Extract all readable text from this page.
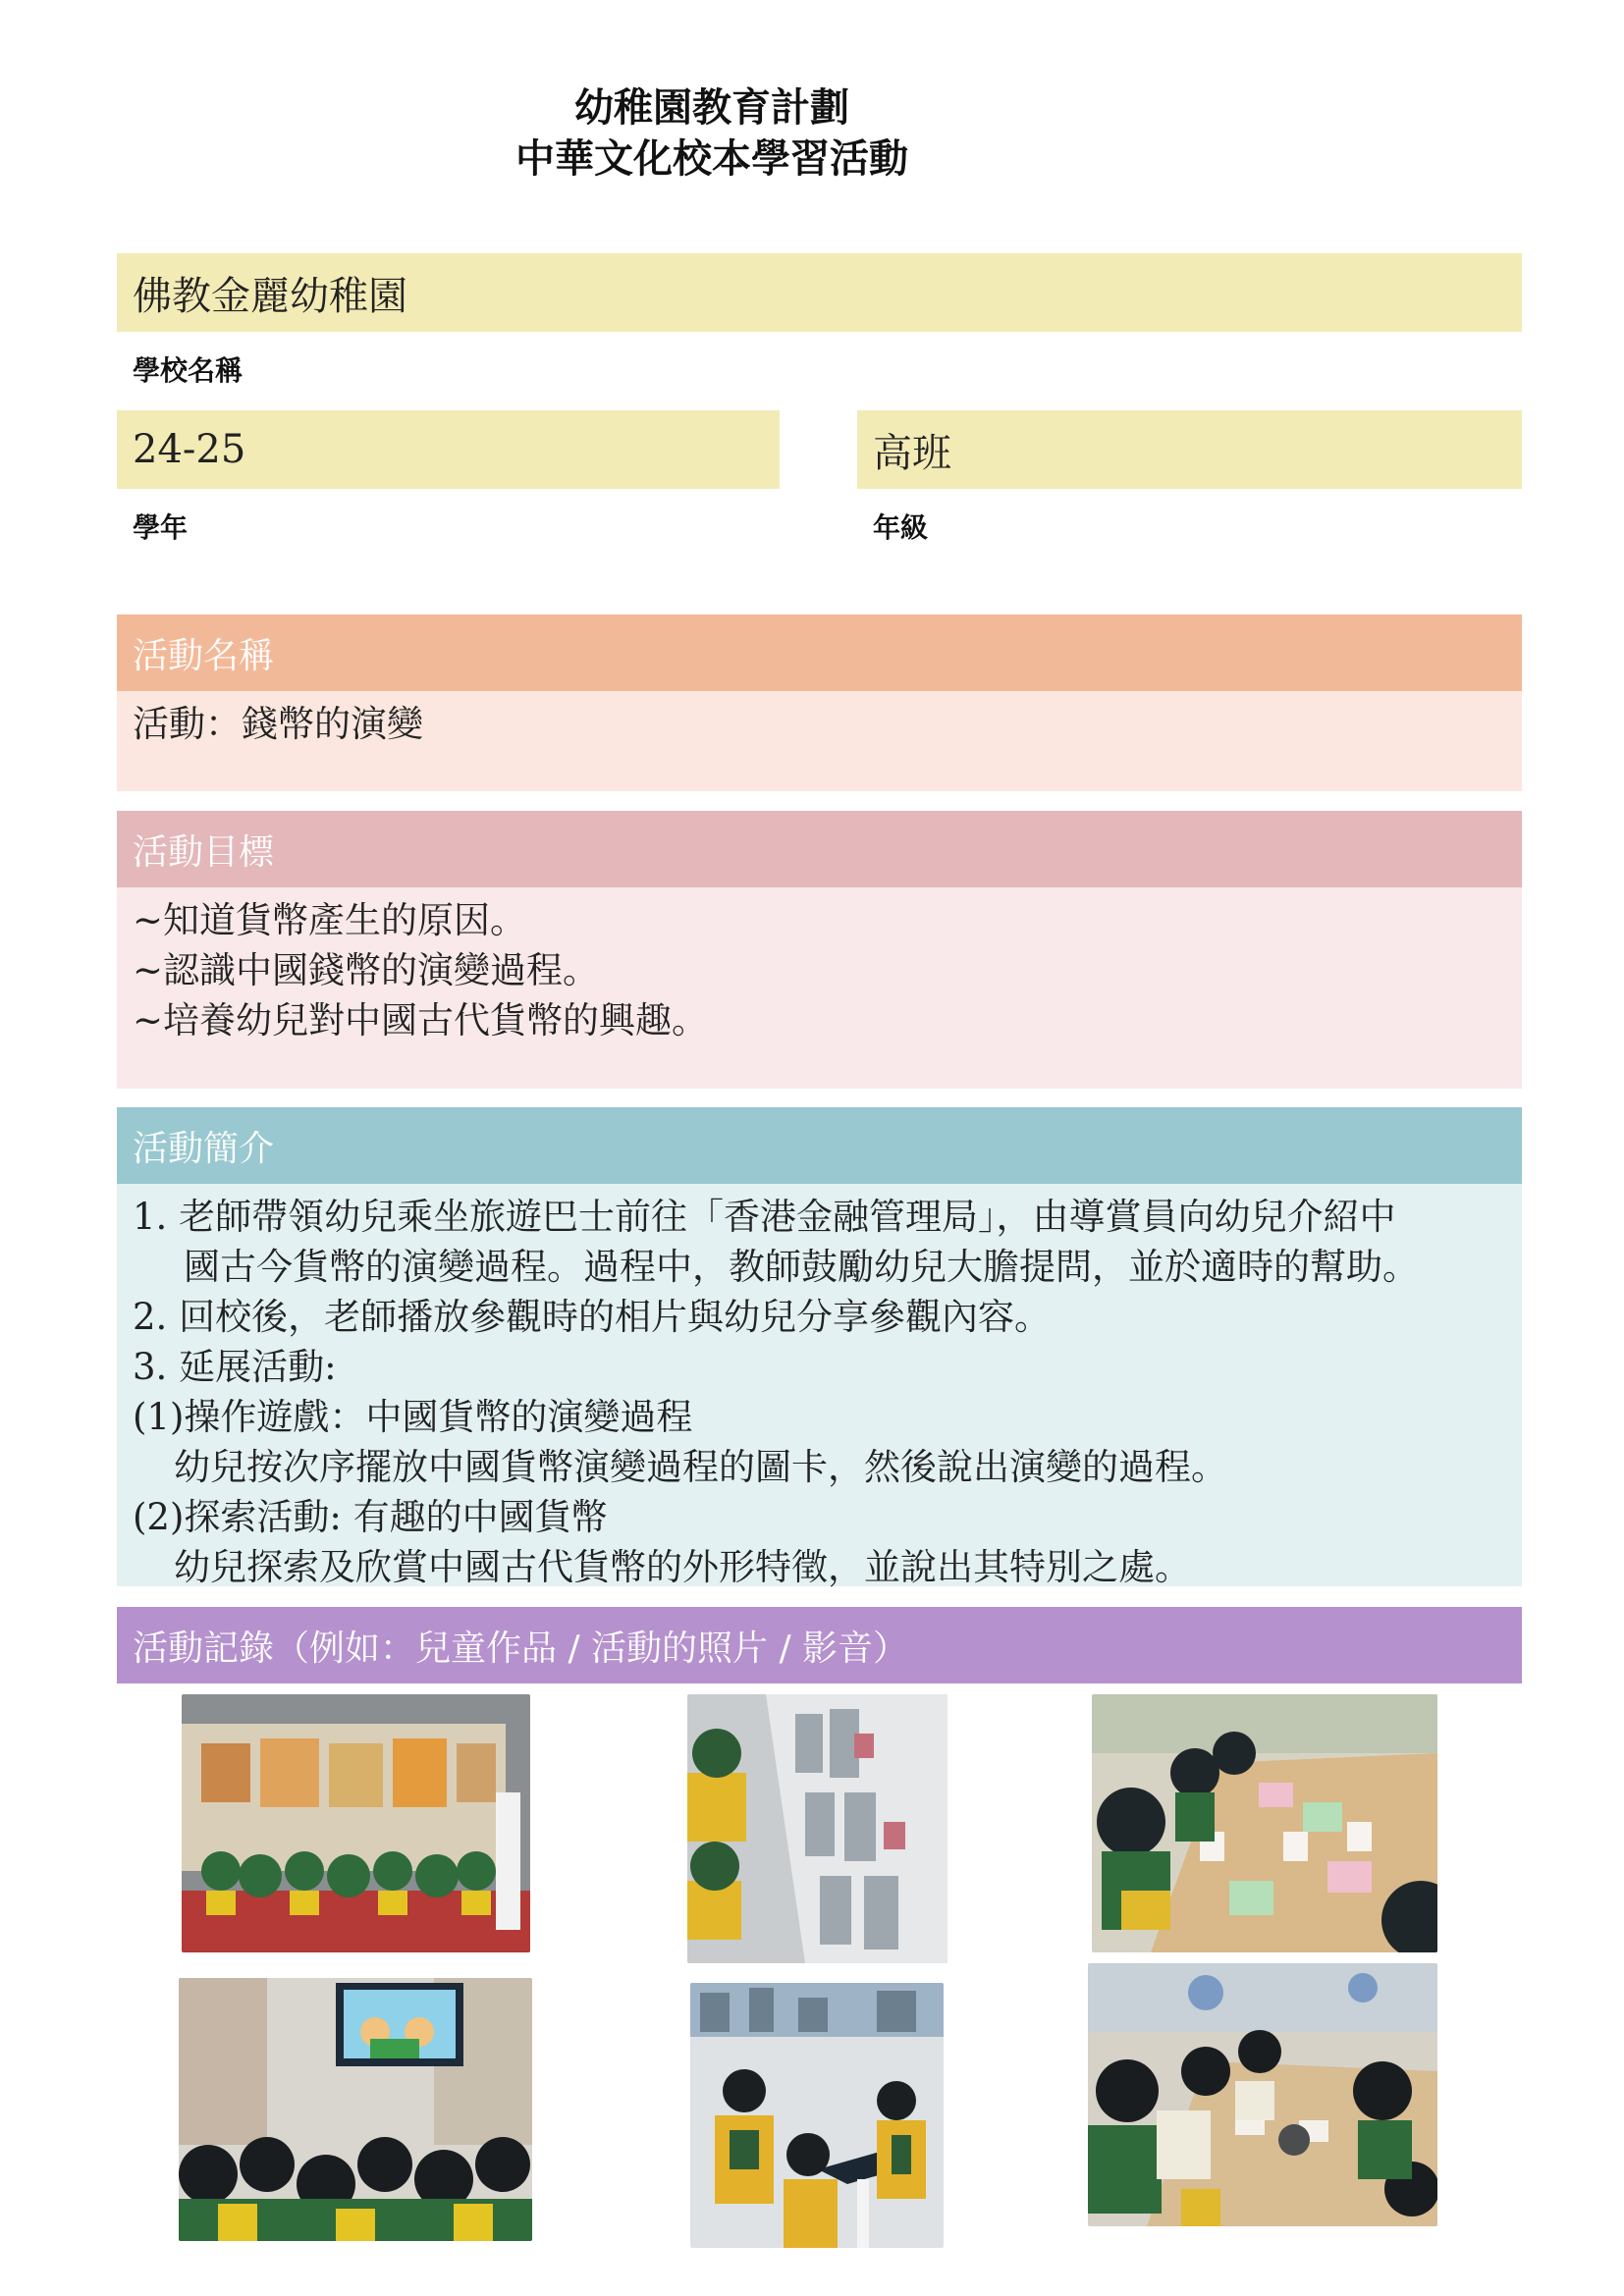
幼稚園教育計劃
中華文化校本學習活動
佛教金麗幼稚園
學校名稱
24-25
學年
高班
年級
活動名稱
活動：錢幣的演變
活動目標
~知道貨幣產生的原因。
~認識中國錢幣的演變過程。
~培養幼兒對中國古代貨幣的興趣。
活動簡介
1. 老師帶領幼兒乘坐旅遊巴士前往「香港金融管理局」，由導賞員向幼兒介紹中
國古今貨幣的演變過程。過程中，教師鼓勵幼兒大膽提問，並於適時的幫助。
2. 回校後，老師播放參觀時的相片與幼兒分享參觀內容。
3. 延展活動:
(1)操作遊戲：中國貨幣的演變過程
幼兒按次序擺放中國貨幣演變過程的圖卡，然後說出演變的過程。
(2)探索活動: 有趣的中國貨幣
幼兒探索及欣賞中國古代貨幣的外形特徵，並說出其特別之處。
活動記錄（例如：兒童作品 / 活動的照片 / 影音）
